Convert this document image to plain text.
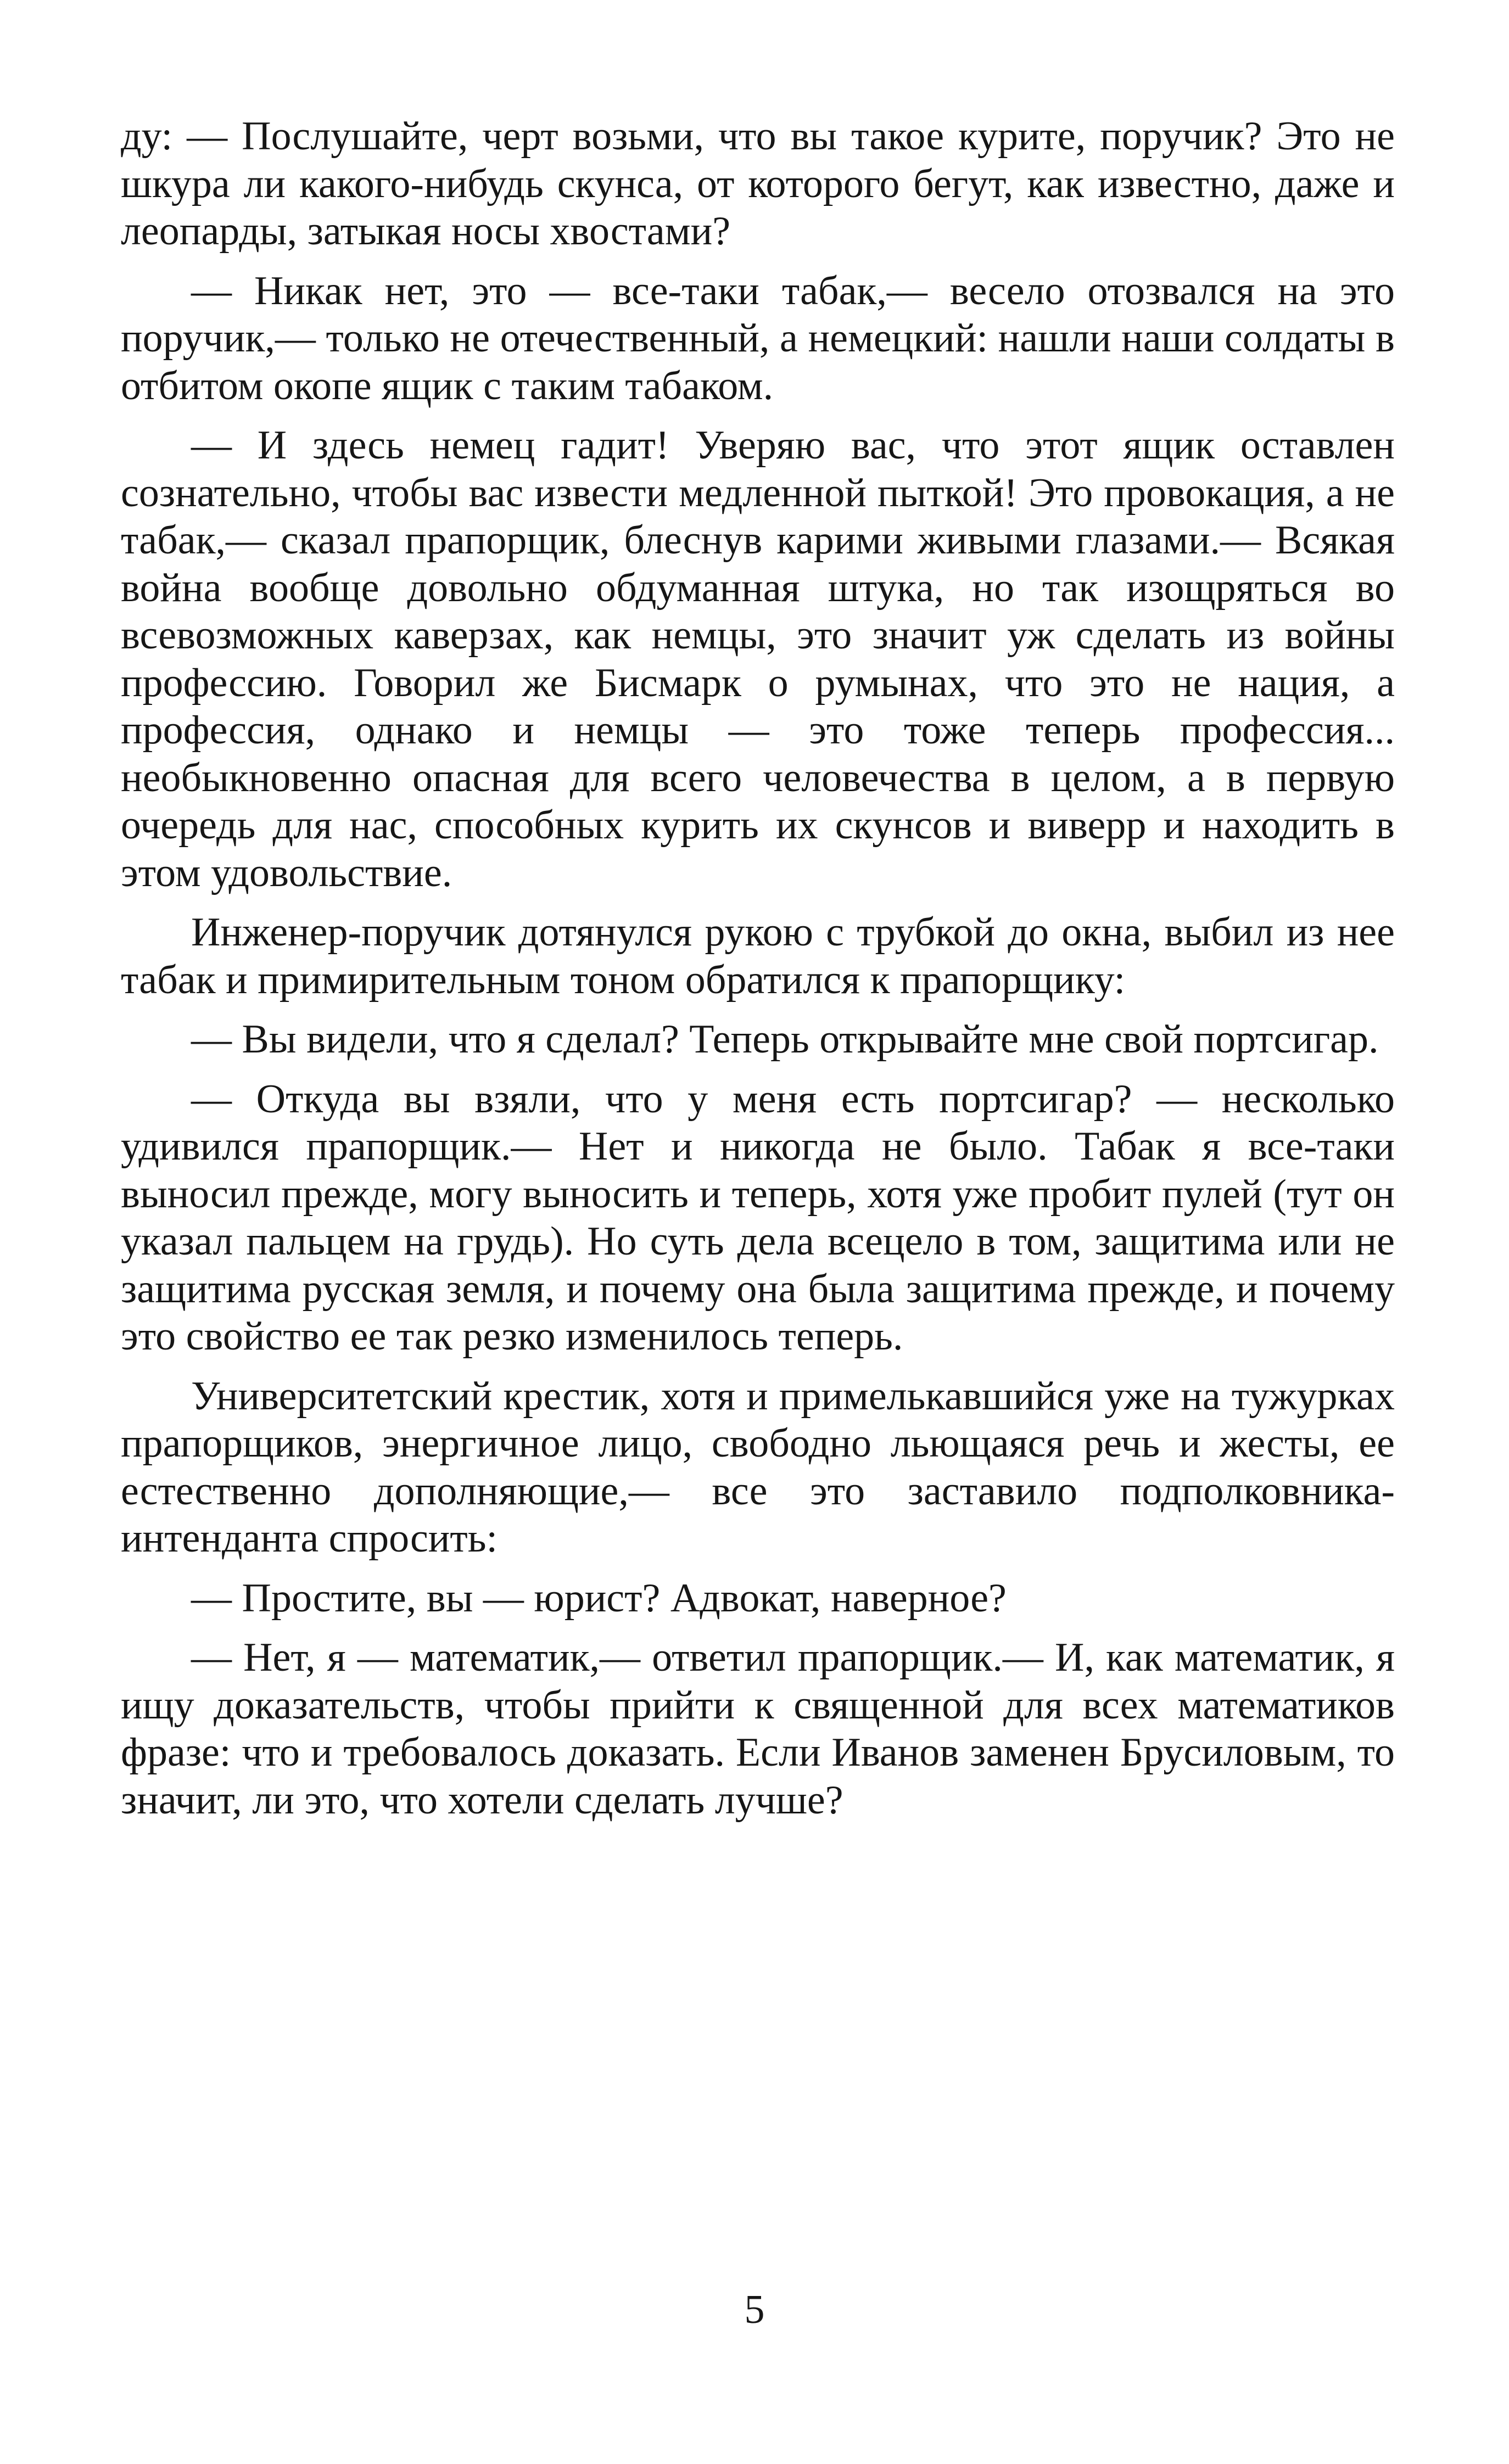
ду: — Послушайте, черт возьми, что вы такое курите, поручик? Это не шкура ли какого-нибудь скунса, от которого бегут, как известно, даже и леопарды, затыкая носы хвостами?

— Никак нет, это — все-таки табак,— весело отозвался на это поручик,— только не отечественный, а немецкий: нашли наши солдаты в отбитом окопе ящик с таким табаком.

— И здесь немец гадит! Уверяю вас, что этот ящик оставлен сознательно, чтобы вас извести медленной пыткой! Это провокация, а не табак,— сказал прапорщик, блеснув карими живыми глазами.— Всякая война вообще довольно обдуманная штука, но так изощряться во всевозможных каверзах, как немцы, это значит уж сделать из войны профессию. Говорил же Бисмарк о румынах, что это не нация, а профессия, однако и немцы — это тоже теперь профессия... необыкновенно опасная для всего человечества в целом, а в первую очередь для нас, способных курить их скунсов и виверр и находить в этом удовольствие.

Инженер-поручик дотянулся рукою с трубкой до окна, выбил из нее табак и примирительным тоном обратился к прапорщику:

— Вы видели, что я сделал? Теперь открывайте мне свой портсигар.

— Откуда вы взяли, что у меня есть портсигар? — несколько удивился прапорщик.— Нет и никогда не было. Табак я все-таки выносил прежде, могу выносить и теперь, хотя уже пробит пулей (тут он указал пальцем на грудь). Но суть дела всецело в том, защитима или не защитима русская земля, и почему она была защитима прежде, и почему это свойство ее так резко изменилось теперь.

Университетский крестик, хотя и примелькавшийся уже на тужурках прапорщиков, энергичное лицо, свободно льющаяся речь и жесты, ее естественно дополняющие,— все это заставило подполковника-интенданта спросить:

— Простите, вы — юрист? Адвокат, наверное?

— Нет, я — математик,— ответил прапорщик.— И, как математик, я ищу доказательств, чтобы прийти к священной для всех математиков фразе: что и требовалось доказать. Если Иванов заменен Брусиловым, то значит, ли это, что хотели сделать лучше?

5
